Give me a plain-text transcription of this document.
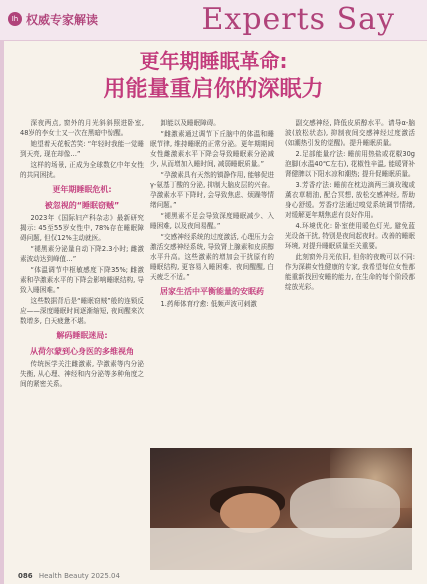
Ih 权威专家解读	Experts Say
更年期睡眠革命:
用能量重启你的深眠力

深夜两点, 窗外的月光斜斜照进卧室, 48岁的李女士又一次在黑暗中惊醒。

她望着天花板苦笑: “年轻时我能一觉睡到天亮, 现在却像…”

这样的场景, 正成为全球数亿中年女性的共同困扰。

更年期睡眠危机:

被忽视的“睡眠窃贼”

2023年《国际妇产科杂志》最新研究揭示: 45至55岁女性中, 78%存在睡眠障碍问题, 但仅12%主动就医。

“褪黑素分泌量自动下降2.3小时; 雌激素波动达到峰值…”

“体温调节中枢敏感度下降35%; 雌激素和孕激素水平的下降会影响睡眠结构, 导致入睡困难。”

这些数据背后是“睡眠窃贼”般的连锁反应——深度睡眠时间逐渐缩短, 夜间醒来次数增多, 白天疲惫不堪。

解码睡眠迷局:

从荷尔蒙到心身医的多维视角

传统医学关注雌激素, 孕激素等内分泌失衡, 从心理、神经和内分泌等多种角度之间的紧密关系。

卸能以及睡眠障碍。

“雌激素通过调节下丘脑中的体温和睡眠节律, 维持睡眠的正常分泌。更年期期间女性雌激素水平下降会导致睡眠素分泌减少, 从而增加入睡时间, 减弱睡眠质量。”

“孕激素具有天然的镇静作用, 能够促进γ-氨基丁酸的分泌, 抑制大脑皮层的兴奋。孕激素水平下降时, 会导致焦虑、烦躁等情绪问题。”

“褪黑素不足会导致深度睡眠减少、入睡困难, 以及夜间易醒。”

“交感神经系统的过度激活, 心理压力会激活交感神经系统, 导致肾上腺素和皮质醇水平升高。这些激素的增加会干扰原有的睡眠结构, 更容易入睡困难、夜间醒醒, 白天疲乏不适。”

居家生活中平衡能量的安眠药

1.药师体育疗愈: 低频声波可刺激

副交感神经, 降低皮质醇水平。请导α-脑波(放松状态), 抑制夜间交感神经过度激活(如潮热引发的觉醒)。提升睡眠质量。

2.足部能量疗法: 睡前用热盐或花椒30g泡脚(水温40℃左右), 花椒性辛温, 能暖肾补肾健脾以下阳水凉和潮热; 提升促睡眠质量。

3.芳香疗法: 睡前在枕边滴两三滴玫瑰或薰衣草精油, 配合冥想, 放松交感神经, 帮助身心舒缓。芳香疗法通过嗅觉系统调节情绪, 对缓解更年期焦虑有良好作用。

4.环境优化: 卧室使用暖色灯光, 避免蓝光设备干扰, 特别是夜间起夜时。改善的睡眠环境, 对提升睡眠质量至关重要。

此刻窗外月光依旧, 但你的夜晚可以不同: 作为深耕女性健康的专家, 我希望每位女性都能重新找回安睡的能力, 在生命的每个阶段都绽放光彩。

086 Health Beauty 2025.04
